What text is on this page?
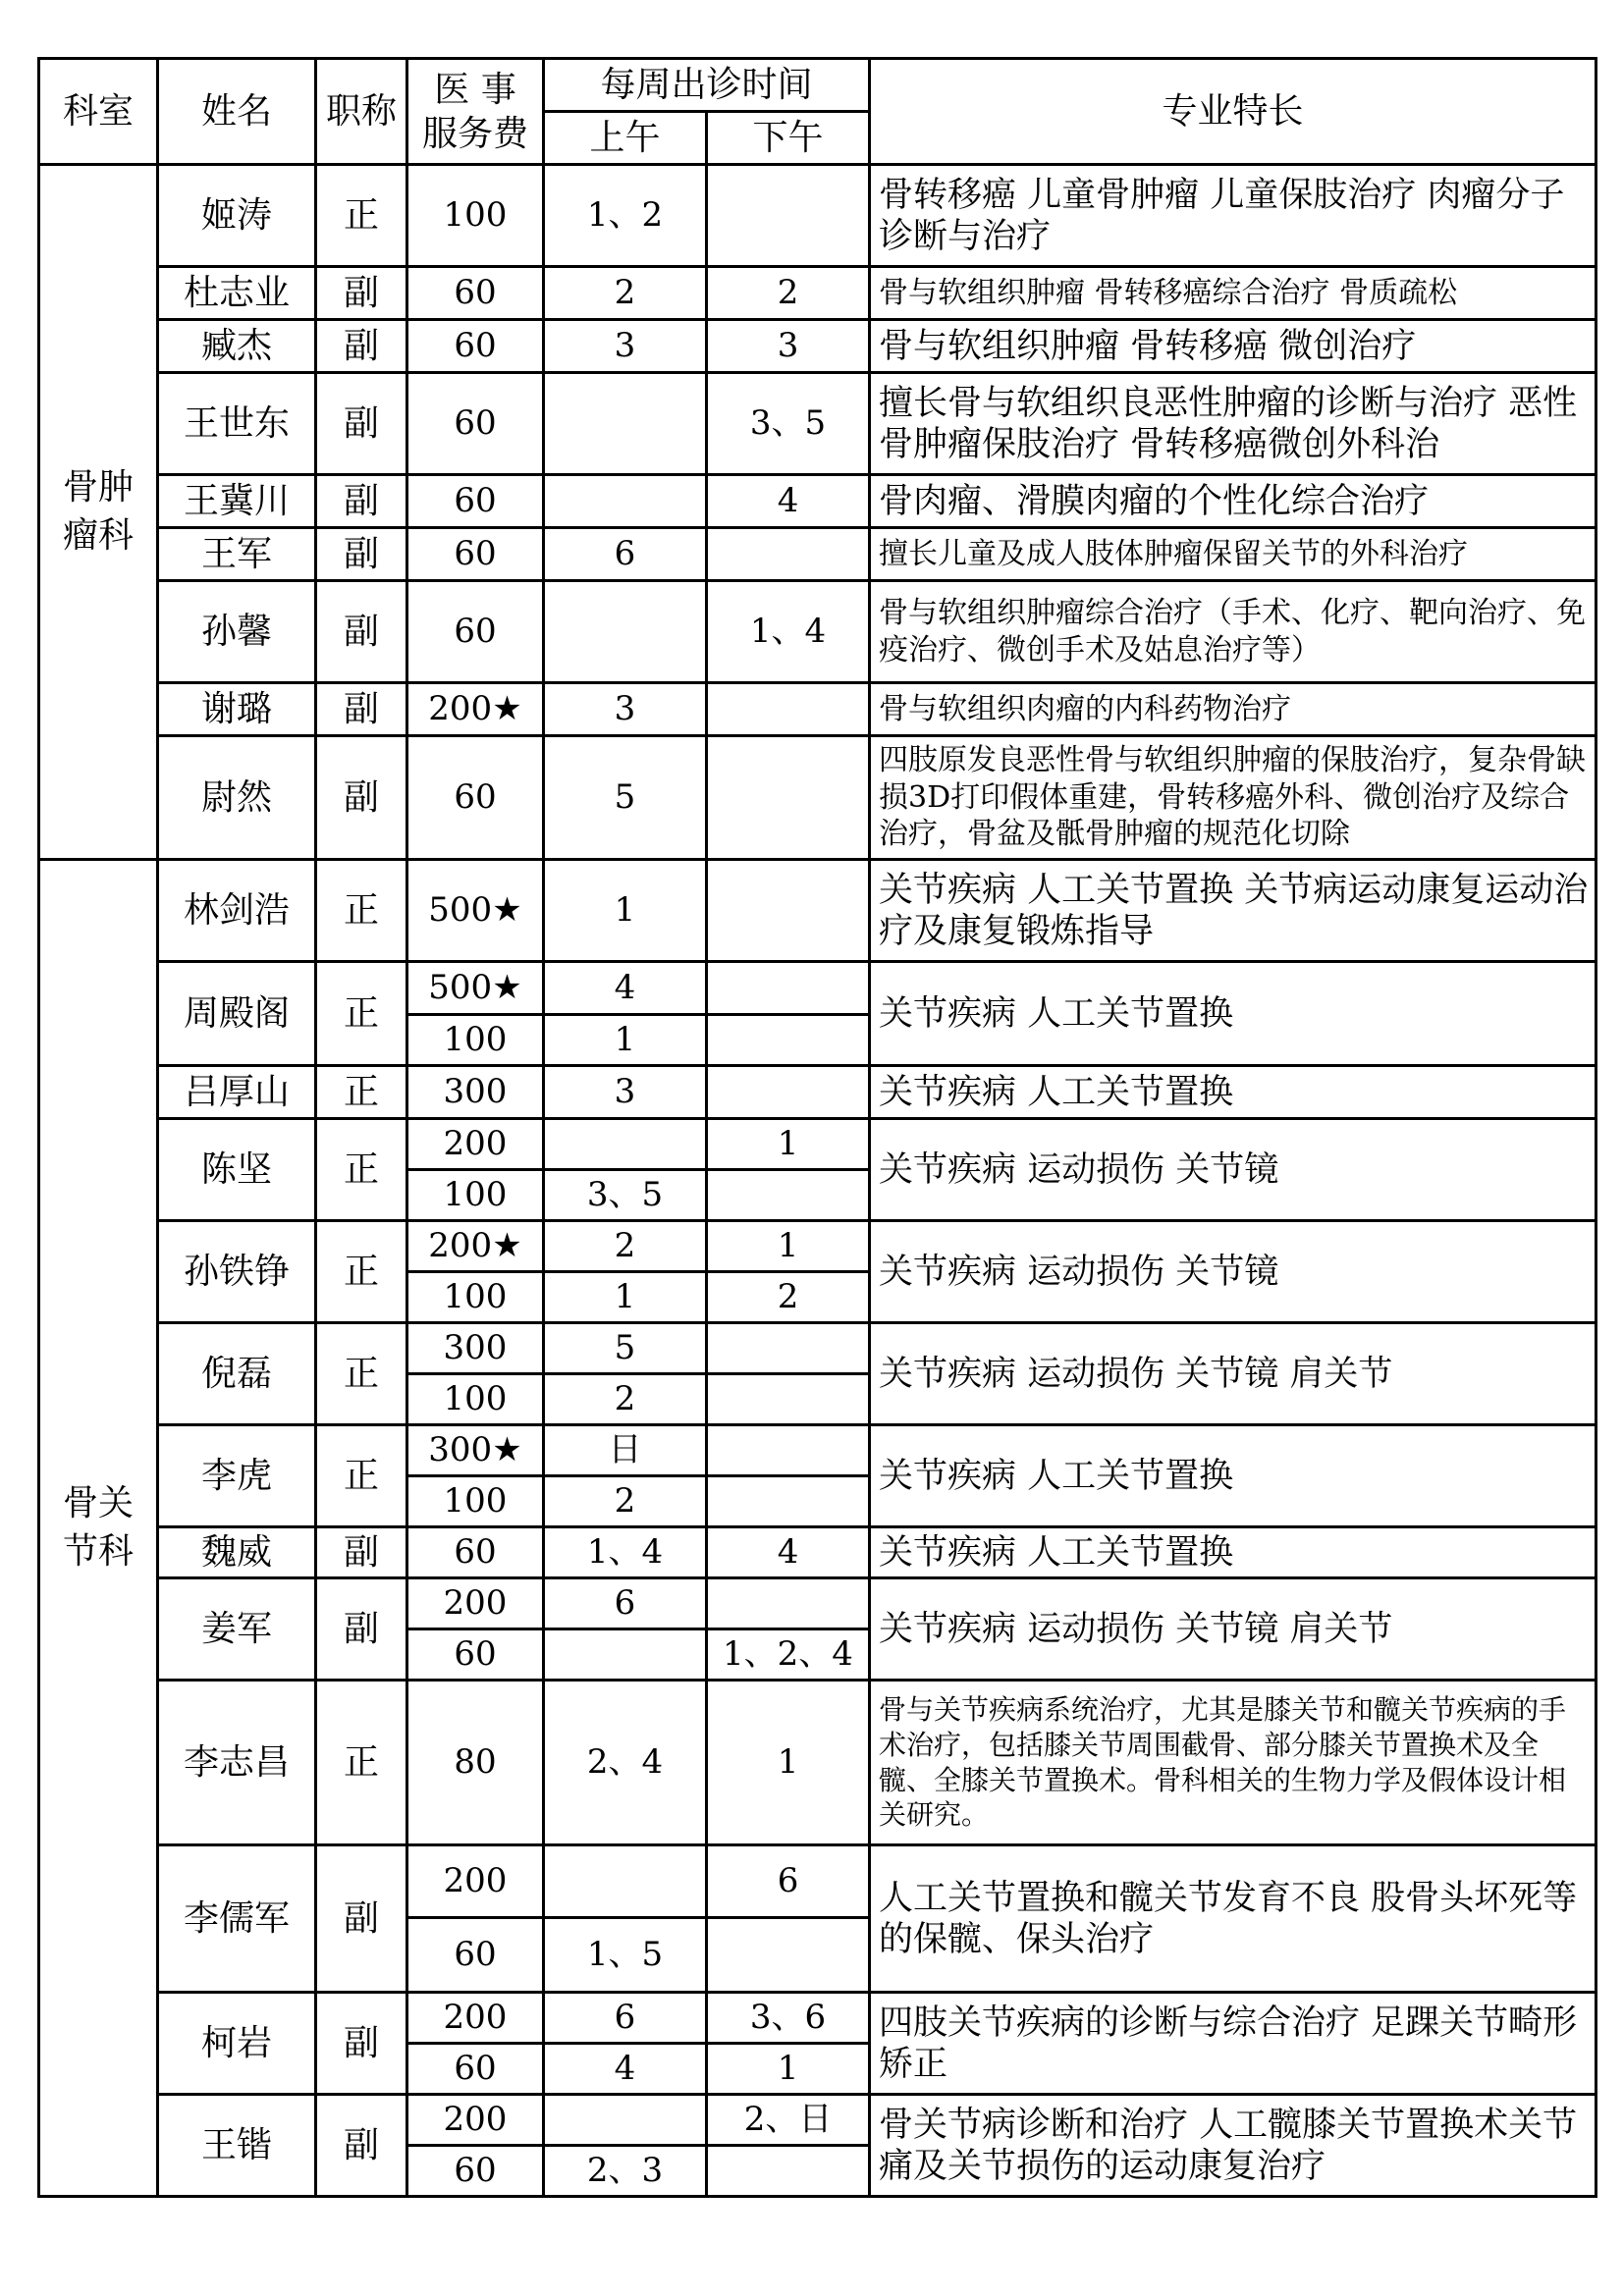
科室	姓名	职称	医 事
服务费	每周出诊时间		专业特长
				上午	下午	
骨肿
瘤科	姬涛	正	100	1、2		骨转移癌 儿童骨肿瘤 儿童保肢治疗 肉瘤分子 诊断与治疗
	杜志业	副	60	2	2	骨与软组织肿瘤 骨转移癌综合治疗 骨质疏松
	臧杰	副	60	3	3	骨与软组织肿瘤 骨转移癌 微创治疗
	王世东	副	60		3、5	擅长骨与软组织良恶性肿瘤的诊断与治疗 恶性骨肿瘤保肢治疗 骨转移癌微创外科治
	王冀川	副	60		4	骨肉瘤、滑膜肉瘤的个性化综合治疗
	王军	副	60	6		擅长儿童及成人肢体肿瘤保留关节的外科治疗
	孙馨	副	60		1、4	骨与软组织肿瘤综合治疗（手术、化疗、靶向治疗、免疫治疗、微创手术及姑息治疗等）
	谢璐	副	200★	3		骨与软组织肉瘤的内科药物治疗
	尉然	副	60	5		四肢原发良恶性骨与软组织肿瘤的保肢治疗，复杂骨缺损3D打印假体重建，骨转移癌外科、微创治疗及综合治疗，骨盆及骶骨肿瘤的规范化切除
骨关
节科	林剑浩	正	500★	1		关节疾病 人工关节置换 关节病运动康复运动治疗及康复锻炼指导
	周殿阁	正	500★	4		关节疾病 人工关节置换
			100	1		
	吕厚山	正	300	3		关节疾病 人工关节置换
	陈坚	正	200		1	关节疾病 运动损伤 关节镜
			100	3、5		
	孙铁铮	正	200★	2	1	关节疾病 运动损伤 关节镜
			100	1	2	
	倪磊	正	300	5		关节疾病 运动损伤 关节镜 肩关节
			100	2		
	李虎	正	300★	日		关节疾病 人工关节置换
			100	2		
	魏威	副	60	1、4	4	关节疾病 人工关节置换
	姜军	副	200	6		关节疾病 运动损伤 关节镜 肩关节
			60		1、2、4	
	李志昌	正	80	2、4	1	骨与关节疾病系统治疗，尤其是膝关节和髋关节疾病的手术治疗，包括膝关节周围截骨、部分膝关节置换术及全髋、全膝关节置换术。骨科相关的生物力学及假体设计相关研究。
	李儒军	副	200		6	人工关节置换和髋关节发育不良 股骨头坏死等的保髋、保头治疗
			60	1、5		
	柯岩	副	200	6	3、6	四肢关节疾病的诊断与综合治疗 足踝关节畸形矫正
			60	4	1	
	王锴	副	200		2、日	骨关节病诊断和治疗 人工髋膝关节置换术关节痛及关节损伤的运动康复治疗
			60	2、3		
